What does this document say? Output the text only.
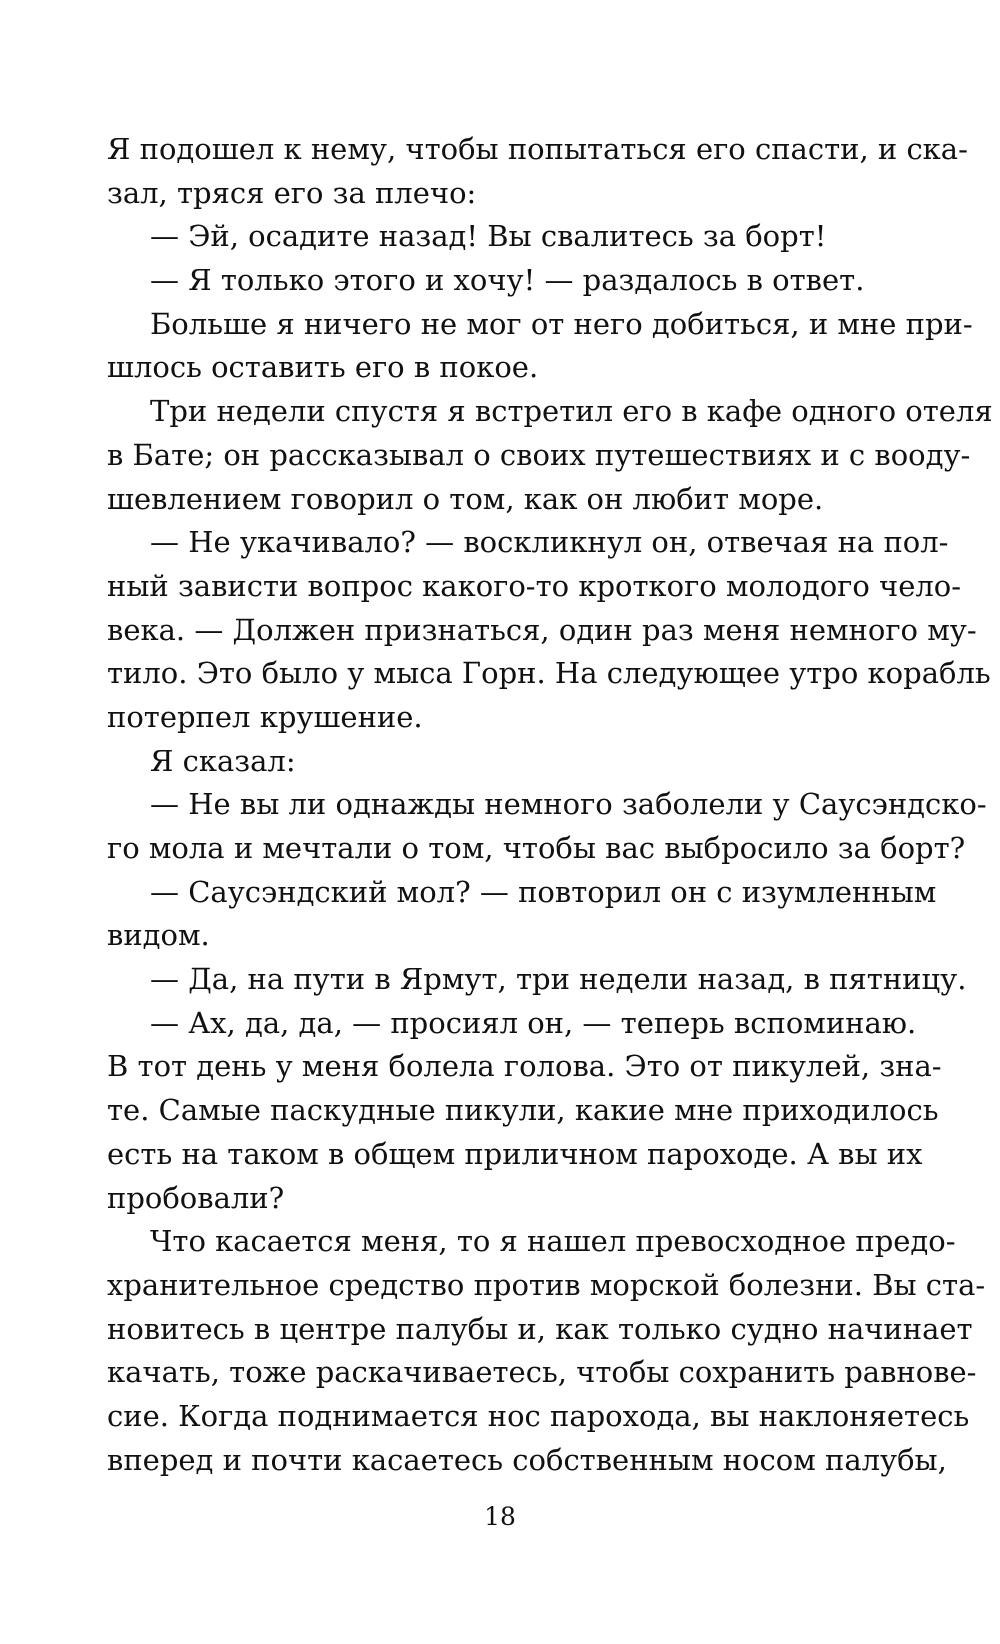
Я подошел к нему, чтобы попытаться его спасти, и ска-
зал, тряся его за плечо:
— Эй, осадите назад! Вы свалитесь за борт!
— Я только этого и хочу! — раздалось в ответ.
Больше я ничего не мог от него добиться, и мне при-
шлось оставить его в покое.
Три недели спустя я встретил его в кафе одного отеля
в Бате; он рассказывал о своих путешествиях и с вооду-
шевлением говорил о том, как он любит море.
— Не укачивало? — воскликнул он, отвечая на пол-
ный зависти вопрос какого-то кроткого молодого чело-
века. — Должен признаться, один раз меня немного му-
тило. Это было у мыса Горн. На следующее утро корабль
потерпел крушение.
Я сказал:
— Не вы ли однажды немного заболели у Саусэндско-
го мола и мечтали о том, чтобы вас выбросило за борт?
— Саусэндский мол? — повторил он с изумленным
видом.
— Да, на пути в Ярмут, три недели назад, в пятницу.
— Ах, да, да, — просиял он, — теперь вспоминаю.
В тот день у меня болела голова. Это от пикулей, зна-
те. Самые паскудные пикули, какие мне приходилось
есть на таком в общем приличном пароходе. А вы их
пробовали?
Что касается меня, то я нашел превосходное предо-
хранительное средство против морской болезни. Вы ста-
новитесь в центре палубы и, как только судно начинает
качать, тоже раскачиваетесь, чтобы сохранить равнове-
сие. Когда поднимается нос парохода, вы наклоняетесь
вперед и почти касаетесь собственным носом палубы,
18
